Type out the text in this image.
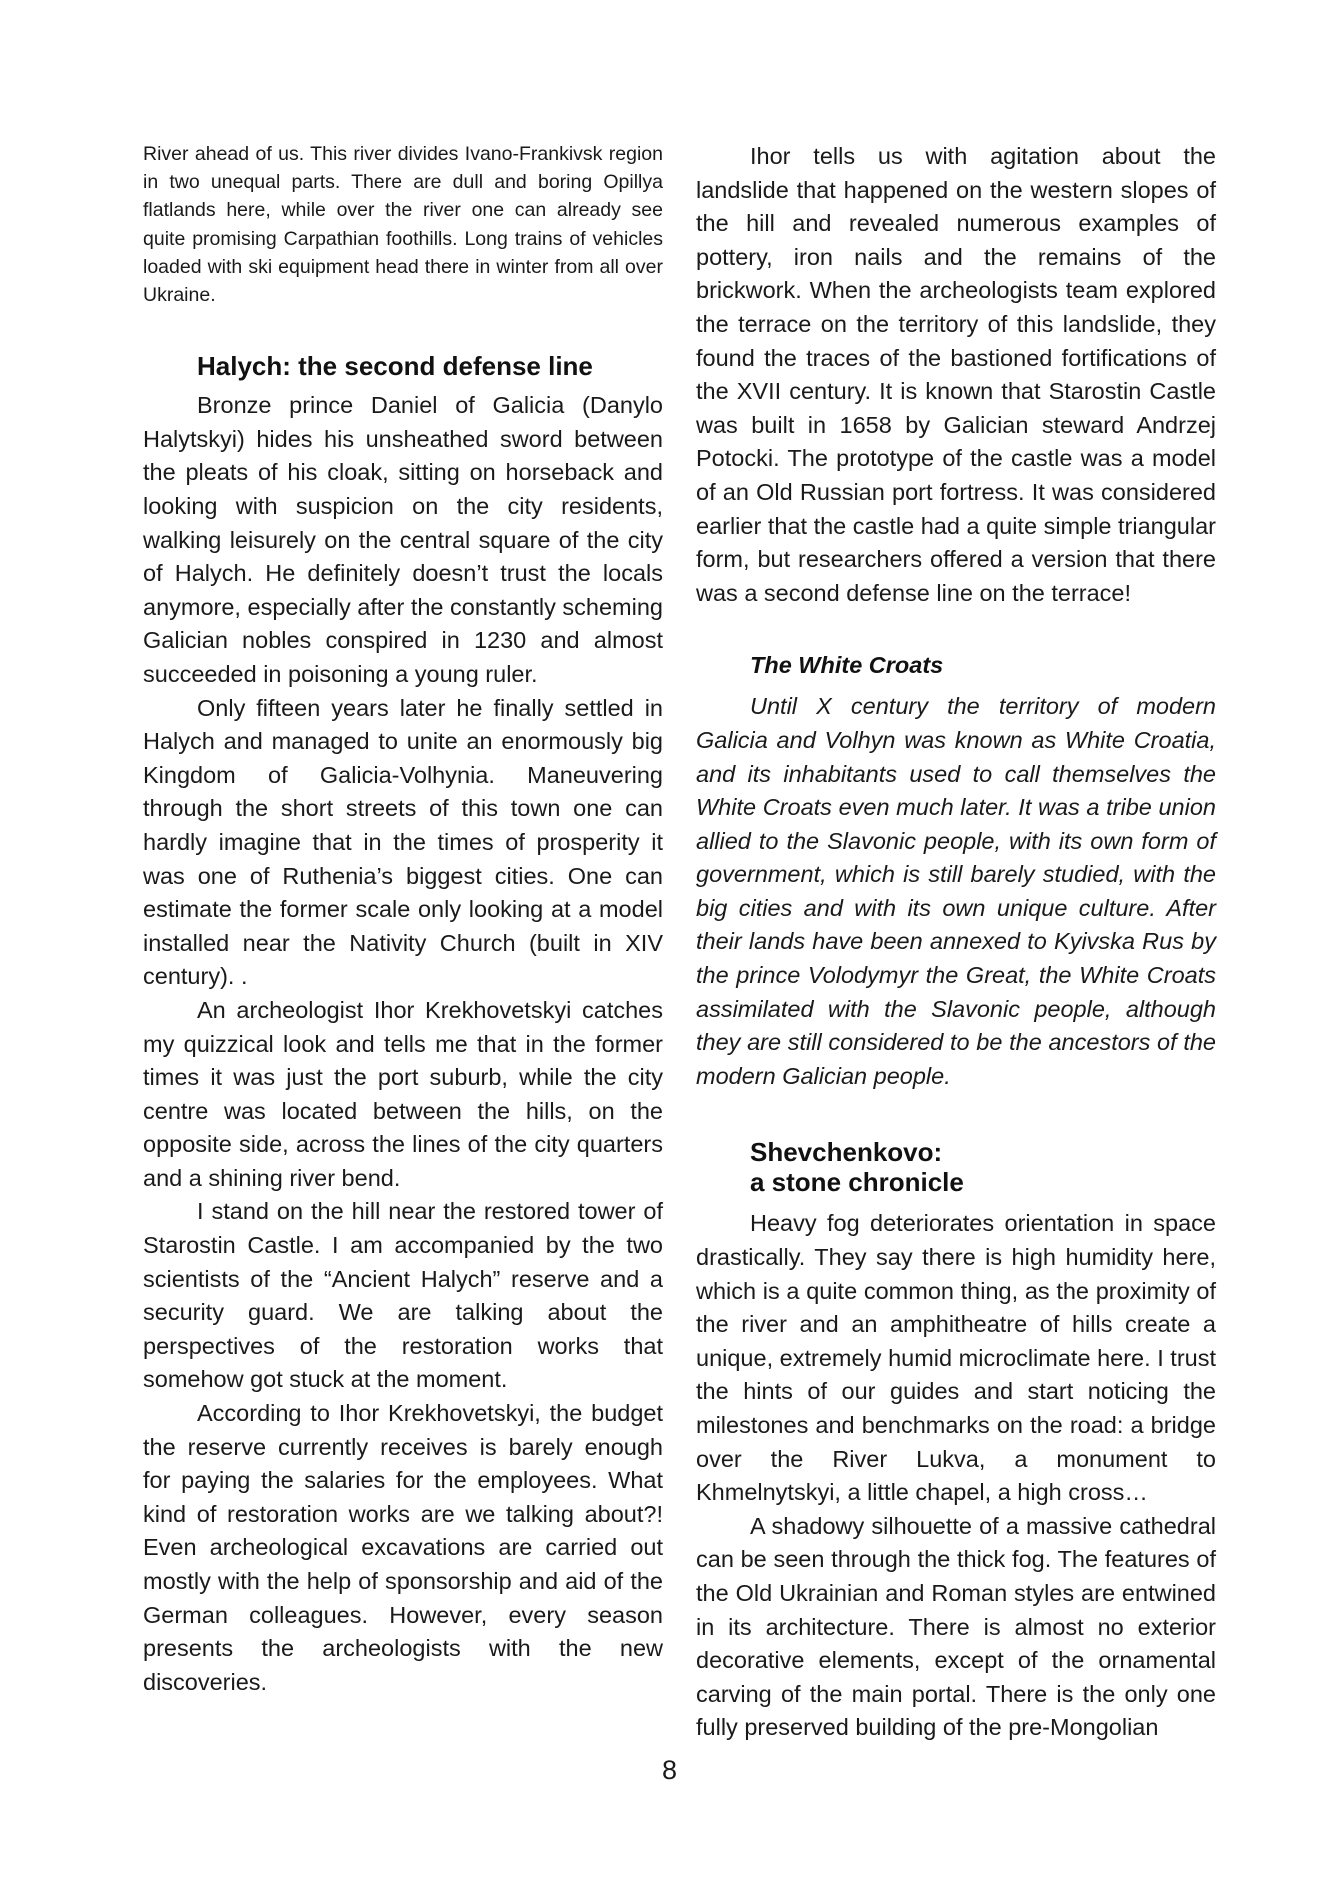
River ahead of us. This river divides Ivano-Frankivsk region in two unequal parts. There are dull and boring Opillya flatlands here, while over the river one can already see quite promising Carpathian foothills. Long trains of vehicles loaded with ski equipment head there in winter from all over Ukraine.

Halych: the second defense line

Bronze prince Daniel of Galicia (Danylo Halytskyi) hides his unsheathed sword between the pleats of his cloak, sitting on horseback and looking with suspicion on the city residents, walking leisurely on the central square of the city of Halych. He definitely doesn’t trust the locals anymore, especially after the constantly scheming Galician nobles conspired in 1230 and almost succeeded in poisoning a young ruler.

Only fifteen years later he finally settled in Halych and managed to unite an enormously big Kingdom of Galicia-Volhynia. Maneuvering through the short streets of this town one can hardly imagine that in the times of prosperity it was one of Ruthenia’s biggest cities. One can estimate the former scale only looking at a model installed near the Nativity Church (built in XIV century). .

An archeologist Ihor Krekhovetskyi catches my quizzical look and tells me that in the former times it was just the port suburb, while the city centre was located between the hills, on the opposite side, across the lines of the city quarters and a shining river bend.

I stand on the hill near the restored tower of Starostin Castle. I am accompanied by the two scientists of the “Ancient Halych” reserve and a security guard. We are talking about the perspectives of the restoration works that somehow got stuck at the moment.

According to Ihor Krekhovetskyi, the budget the reserve currently receives is barely enough for paying the salaries for the employees. What kind of restoration works are we talking about?! Even archeological excavations are carried out mostly with the help of sponsorship and aid of the German colleagues. However, every season presents the archeologists with the new discoveries.

Ihor tells us with agitation about the landslide that happened on the western slopes of the hill and revealed numerous examples of pottery, iron nails and the remains of the brickwork. When the archeologists team explored the terrace on the territory of this landslide, they found the traces of the bastioned fortifications of the XVII century. It is known that Starostin Castle was built in 1658 by Galician steward Andrzej Potocki. The prototype of the castle was a model of an Old Russian port fortress. It was considered earlier that the castle had a quite simple triangular form, but researchers offered a version that there was a second defense line on the terrace!

The White Croats

Until X century the territory of modern Galicia and Volhyn was known as White Croatia, and its inhabitants used to call themselves the White Croats even much later. It was a tribe union allied to the Slavonic people, with its own form of government, which is still barely studied, with the big cities and with its own unique culture. After their lands have been annexed to Kyivska Rus by the prince Volodymyr the Great, the White Croats assimilated with the Slavonic people, although they are still considered to be the ancestors of the modern Galician people.

Shevchenkovo:
a stone chronicle

Heavy fog deteriorates orientation in space drastically. They say there is high humidity here, which is a quite common thing, as the proximity of the river and an amphitheatre of hills create a unique, extremely humid microclimate here. I trust the hints of our guides and start noticing the milestones and benchmarks on the road: a bridge over the River Lukva, a monument to Khmelnytskyi, a little chapel, a high cross…

A shadowy silhouette of a massive cathedral can be seen through the thick fog. The features of the Old Ukrainian and Roman styles are entwined in its architecture. There is almost no exterior decorative elements, except of the ornamental carving of the main portal. There is the only one fully preserved building of the pre-Mongolian

8
